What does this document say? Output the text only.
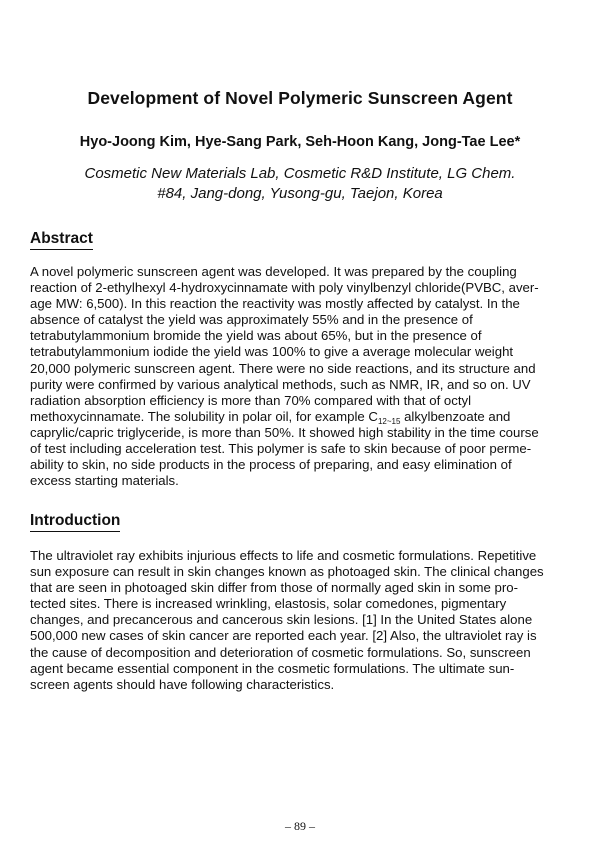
Development of Novel Polymeric Sunscreen Agent
Hyo-Joong Kim, Hye-Sang Park, Seh-Hoon Kang, Jong-Tae Lee*
Cosmetic New Materials Lab, Cosmetic R&D Institute, LG Chem.
#84, Jang-dong, Yusong-gu, Taejon, Korea
Abstract
A novel polymeric sunscreen agent was developed. It was prepared by the coupling
reaction of 2-ethylhexyl 4-hydroxycinnamate with poly vinylbenzyl chloride(PVBC, aver-
age MW: 6,500). In this reaction the reactivity was mostly affected by catalyst. In the
absence of catalyst the yield was approximately 55% and in the presence of
tetrabutylammonium bromide the yield was about 65%, but in the presence of
tetrabutylammonium iodide the yield was 100% to give a average molecular weight
20,000 polymeric sunscreen agent. There were no side reactions, and its structure and
purity were confirmed by various analytical methods, such as NMR, IR, and so on. UV
radiation absorption efficiency is more than 70% compared with that of octyl
methoxycinnamate. The solubility in polar oil, for example $C_{12\sim 15}$ alkylbenzoate and
caprylic/capric triglyceride, is more than 50%. It showed high stability in the time course
of test including acceleration test. This polymer is safe to skin because of poor perme-
ability to skin, no side products in the process of preparing, and easy elimination of
excess starting materials.
Introduction
The ultraviolet ray exhibits injurious effects to life and cosmetic formulations. Repetitive
sun exposure can result in skin changes known as photoaged skin. The clinical changes
that are seen in photoaged skin differ from those of normally aged skin in some pro-
tected sites. There is increased wrinkling, elastosis, solar comedones, pigmentary
changes, and precancerous and cancerous skin lesions. [1] In the United States alone
500,000 new cases of skin cancer are reported each year. [2] Also, the ultraviolet ray is
the cause of decomposition and deterioration of cosmetic formulations. So, sunscreen
agent became essential component in the cosmetic formulations. The ultimate sun-
screen agents should have following characteristics.
– 89 –
